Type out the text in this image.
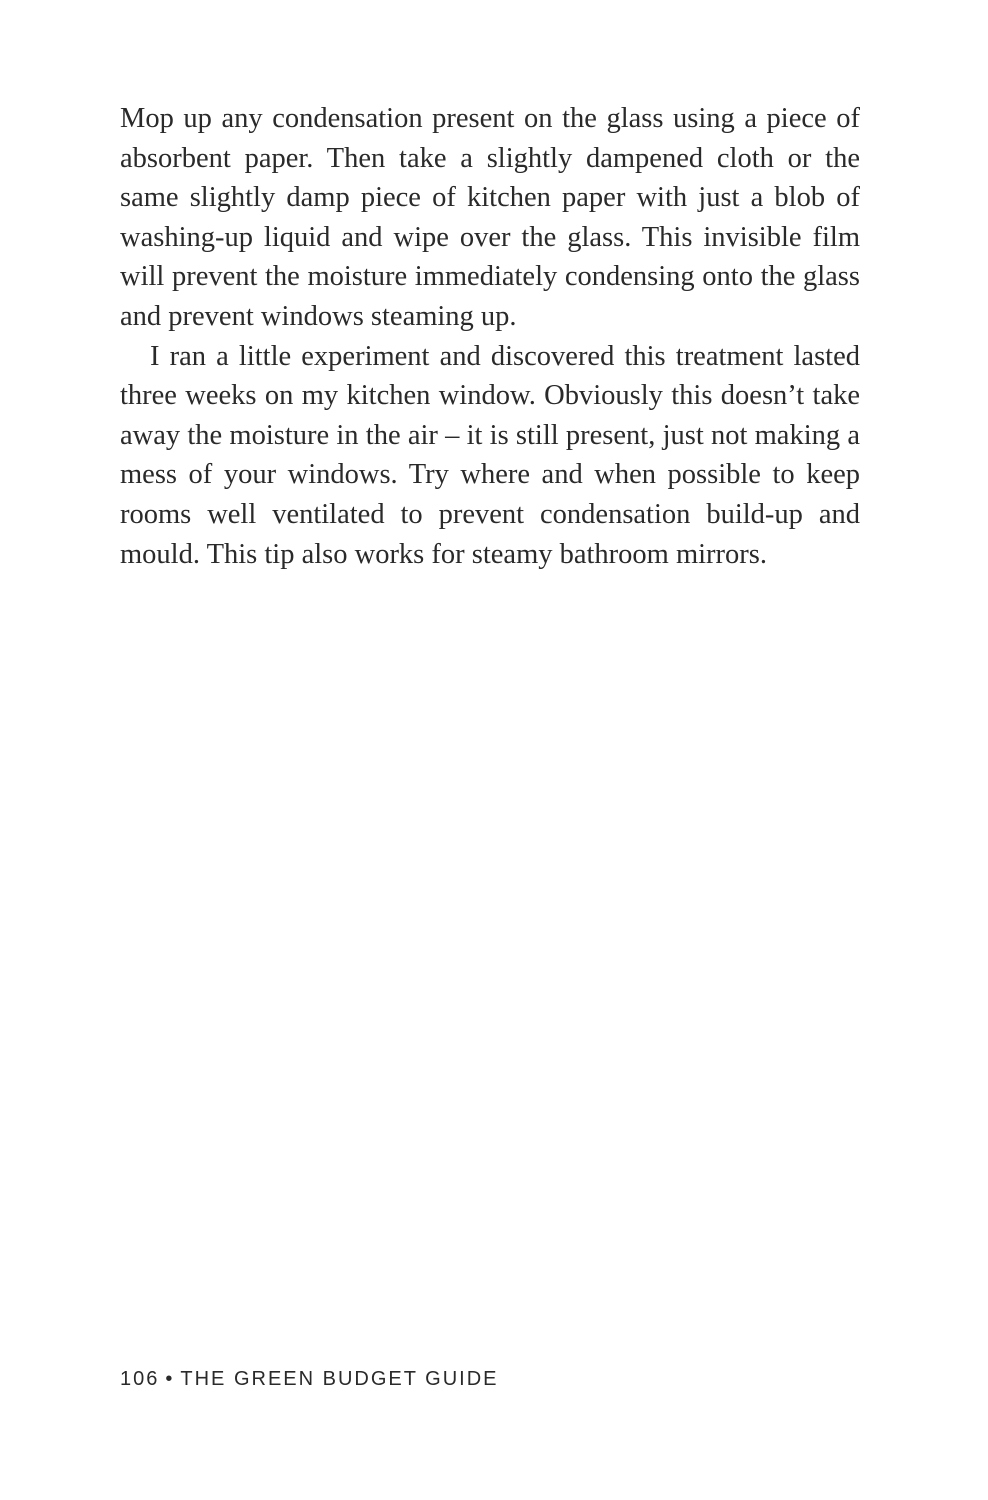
Mop up any condensation present on the glass using a piece of absorbent paper. Then take a slightly dampened cloth or the same slightly damp piece of kitchen paper with just a blob of washing-up liquid and wipe over the glass. This invisible film will prevent the moisture immediately condensing onto the glass and prevent windows steaming up.

I ran a little experiment and discovered this treatment lasted three weeks on my kitchen window. Obviously this doesn’t take away the moisture in the air – it is still present, just not making a mess of your windows. Try where and when possible to keep rooms well ventilated to prevent condensation build-up and mould. This tip also works for steamy bathroom mirrors.

106 • THE GREEN BUDGET GUIDE
